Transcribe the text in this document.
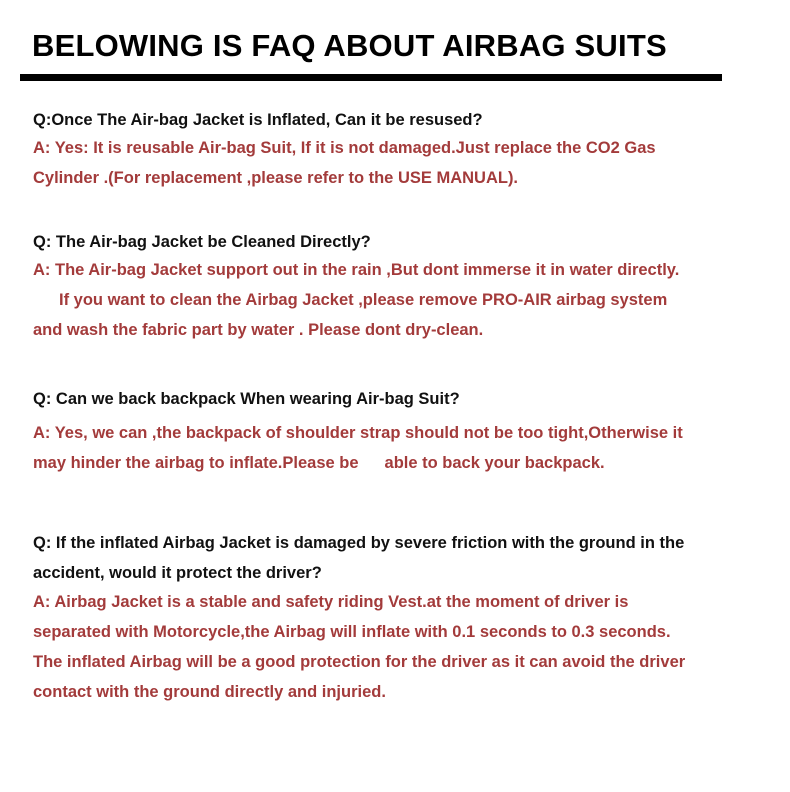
BELOWING IS FAQ ABOUT AIRBAG SUITS
Q:Once The Air-bag Jacket is Inflated, Can it be resused?
A: Yes: It is reusable Air-bag Suit, If it is not damaged.Just replace the CO2 Gas
Cylinder .(For replacement ,please refer to the USE MANUAL).
Q: The Air-bag Jacket be Cleaned Directly?
A: The Air-bag Jacket support out in the rain ,But dont immerse it in water directly.
If you want to clean the Airbag Jacket ,please remove PRO-AIR airbag system
and wash the fabric part by water . Please dont dry-clean.
Q: Can we back backpack When wearing Air-bag Suit?
A: Yes, we can ,the backpack of shoulder strap should not be too tight,Otherwise it
may hinder the airbag to inflate.Please be able to back your backpack.
Q: If the inflated Airbag Jacket is damaged by severe friction with the ground in the
accident, would it protect the driver?
A: Airbag Jacket is a stable and safety riding Vest.at the moment of driver is
separated with Motorcycle,the Airbag will inflate with 0.1 seconds to 0.3 seconds.
The inflated Airbag will be a good protection for the driver as it can avoid the driver
contact with the ground directly and injuried.
